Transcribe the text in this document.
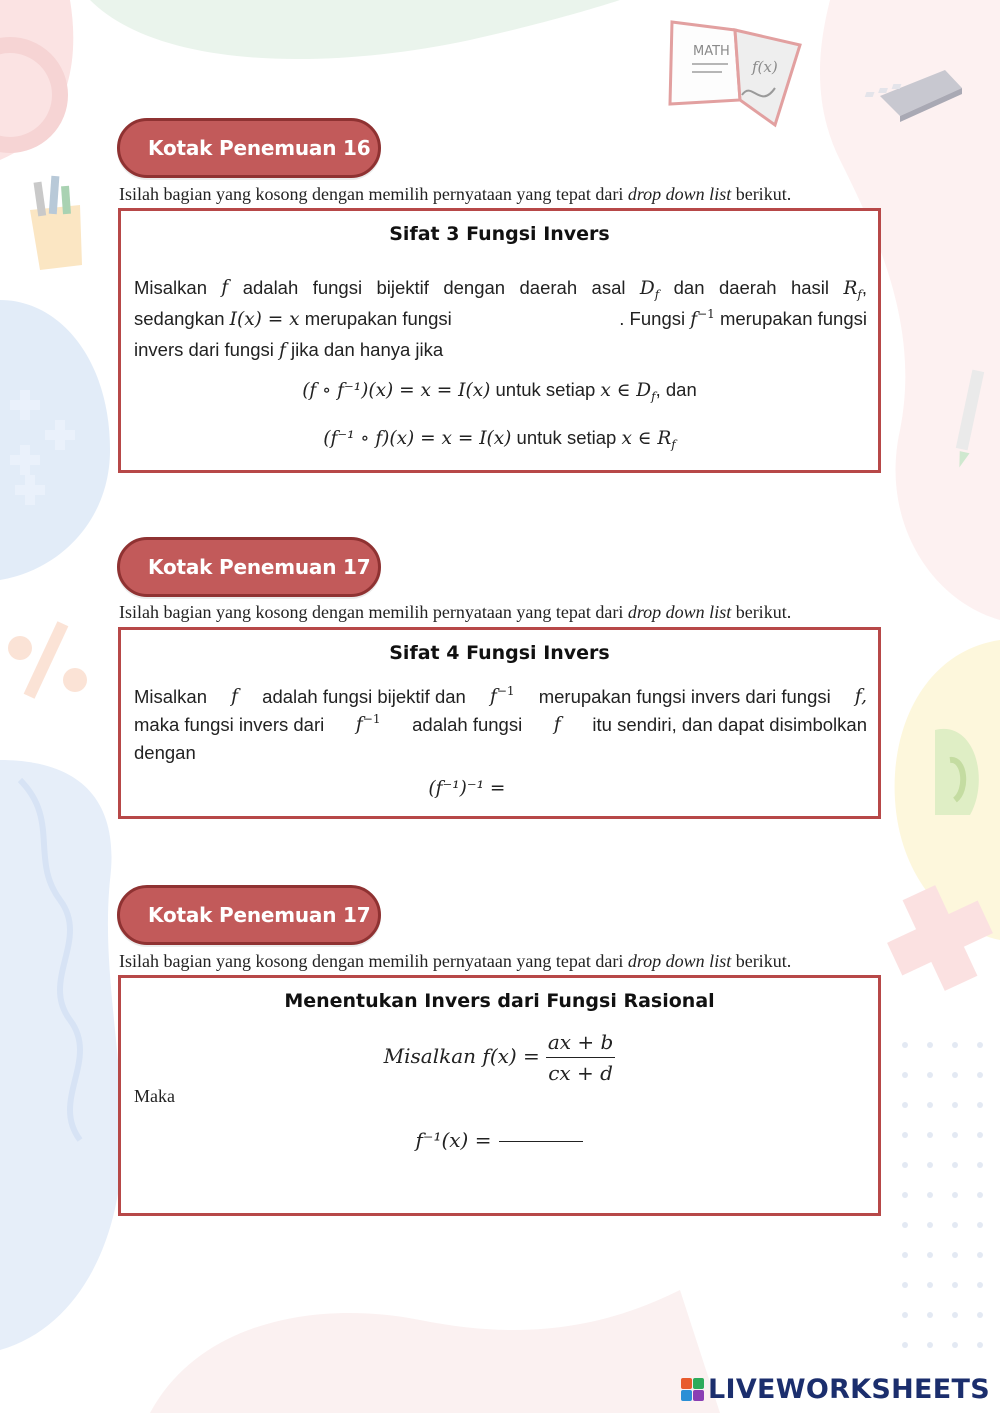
MATH
f(x)
Kotak Penemuan 16
Isilah bagian yang kosong dengan memilih pernyataan yang tepat dari drop down list berikut.
Sifat 3 Fungsi Invers
Misalkan f adalah fungsi bijektif dengan daerah asal $D_f$ dan daerah hasil $R_f$,
sedangkan I(x) = x merupakan fungsi	. Fungsi $f^{-1}$ merupakan fungsi
invers dari fungsi f jika dan hanya jika
(f ∘ f⁻¹)(x) = x = I(x) untuk setiap x ∈ $D_f$, dan
(f⁻¹ ∘ f)(x) = x = I(x) untuk setiap x ∈ $R_f$
Kotak Penemuan 17
Isilah bagian yang kosong dengan memilih pernyataan yang tepat dari drop down list berikut.
Sifat 4 Fungsi Invers
Misalkan f adalah fungsi bijektif dan $f^{-1}$ merupakan fungsi invers dari fungsi f,
maka fungsi invers dari $f^{-1}$ adalah fungsi f itu sendiri, dan dapat disimbolkan
dengan
(f⁻¹)⁻¹ =
Kotak Penemuan 17
Isilah bagian yang kosong dengan memilih pernyataan yang tepat dari drop down list berikut.
Menentukan Invers dari Fungsi Rasional
Misalkan $f(x) = \frac{ax + b}{cx + d}$
Maka
f⁻¹(x) =
LIVEWORKSHEETS
